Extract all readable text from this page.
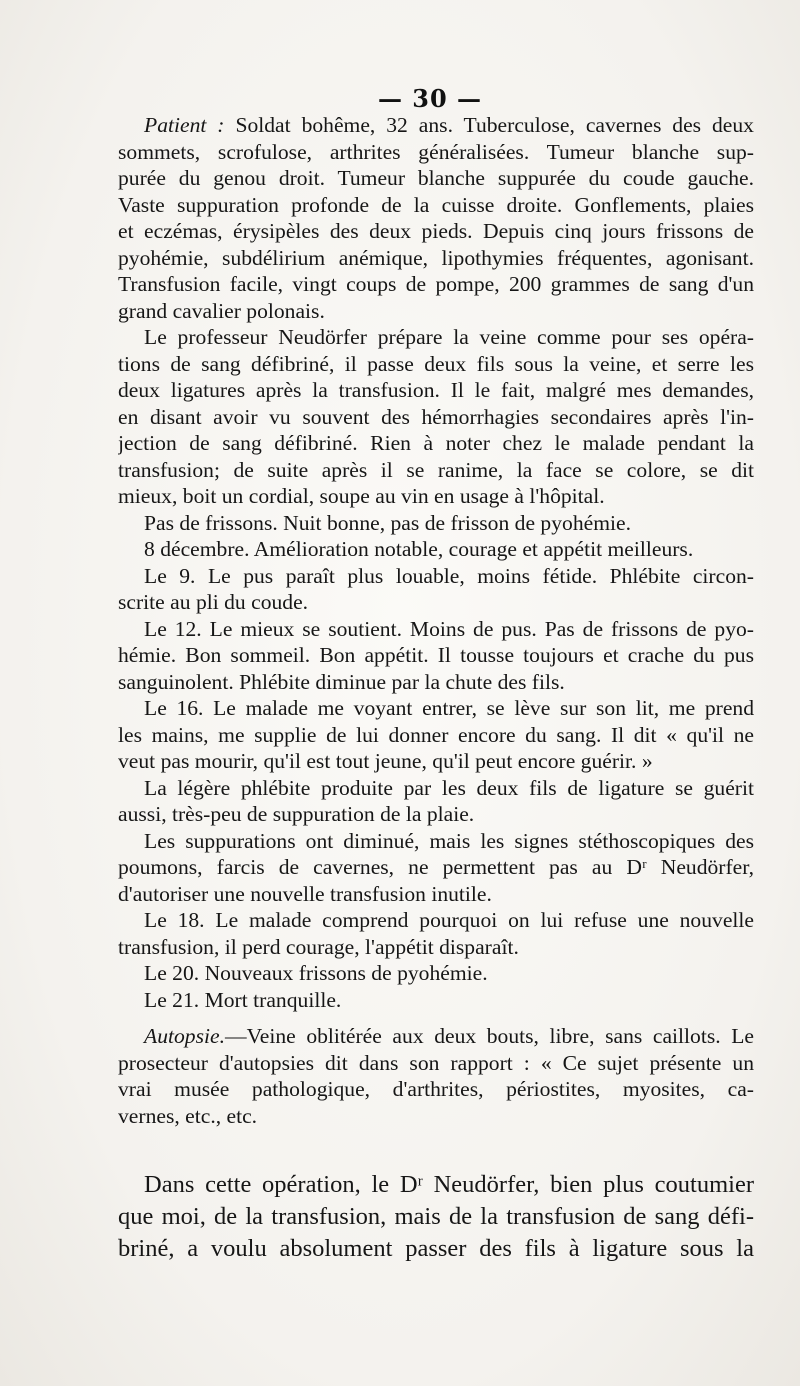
— 30 —
Patient : Soldat bohême, 32 ans. Tuberculose, cavernes des deux
sommets, scrofulose, arthrites généralisées. Tumeur blanche sup-
purée du genou droit. Tumeur blanche suppurée du coude gauche.
Vaste suppuration profonde de la cuisse droite. Gonflements, plaies
et eczémas, érysipèles des deux pieds. Depuis cinq jours frissons de
pyohémie, subdélirium anémique, lipothymies fréquentes, agonisant.
Transfusion facile, vingt coups de pompe, 200 grammes de sang d'un
grand cavalier polonais.
Le professeur Neudörfer prépare la veine comme pour ses opéra-
tions de sang défibriné, il passe deux fils sous la veine, et serre les
deux ligatures après la transfusion. Il le fait, malgré mes demandes,
en disant avoir vu souvent des hémorrhagies secondaires après l'in-
jection de sang défibriné. Rien à noter chez le malade pendant la
transfusion; de suite après il se ranime, la face se colore, se dit
mieux, boit un cordial, soupe au vin en usage à l'hôpital.
Pas de frissons. Nuit bonne, pas de frisson de pyohémie.
8 décembre. Amélioration notable, courage et appétit meilleurs.
Le 9. Le pus paraît plus louable, moins fétide. Phlébite circon-
scrite au pli du coude.
Le 12. Le mieux se soutient. Moins de pus. Pas de frissons de pyo-
hémie. Bon sommeil. Bon appétit. Il tousse toujours et crache du pus
sanguinolent. Phlébite diminue par la chute des fils.
Le 16. Le malade me voyant entrer, se lève sur son lit, me prend
les mains, me supplie de lui donner encore du sang. Il dit « qu'il ne
veut pas mourir, qu'il est tout jeune, qu'il peut encore guérir. »
La légère phlébite produite par les deux fils de ligature se guérit
aussi, très-peu de suppuration de la plaie.
Les suppurations ont diminué, mais les signes stéthoscopiques des
poumons, farcis de cavernes, ne permettent pas au Dʳ Neudörfer,
d'autoriser une nouvelle transfusion inutile.
Le 18. Le malade comprend pourquoi on lui refuse une nouvelle
transfusion, il perd courage, l'appétit disparaît.
Le 20. Nouveaux frissons de pyohémie.
Le 21. Mort tranquille.
Autopsie.—Veine oblitérée aux deux bouts, libre, sans caillots. Le
prosecteur d'autopsies dit dans son rapport : « Ce sujet présente un
vrai musée pathologique, d'arthrites, périostites, myosites, ca-
vernes, etc., etc.
Dans cette opération, le Dʳ Neudörfer, bien plus coutumier
que moi, de la transfusion, mais de la transfusion de sang défi-
briné, a voulu absolument passer des fils à ligature sous la
